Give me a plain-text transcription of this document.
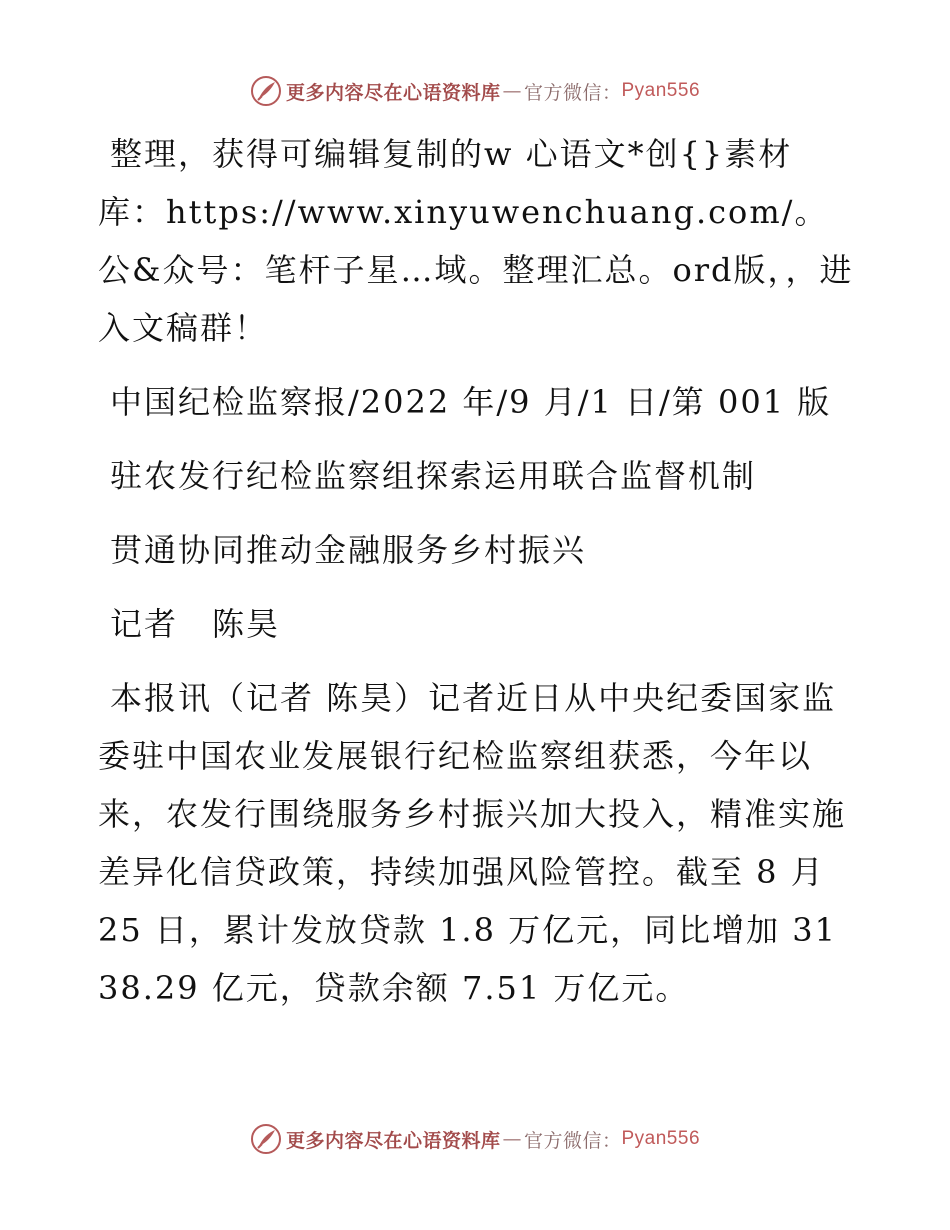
更多内容尽在心语资料库 — 官方微信： Pyan556

整理，获得可编辑复制的w 心语文*创{}素材库：https://www.xinyuwenchuang.com/。公&众号：笔杆子星…域。整理汇总。ord版，，进入文稿群！

中国纪检监察报/2022 年/9 月/1 日/第 001 版

驻农发行纪检监察组探索运用联合监督机制

贯通协同推动金融服务乡村振兴

记者　陈昊

本报讯（记者 陈昊）记者近日从中央纪委国家监委驻中国农业发展银行纪检监察组获悉，今年以来，农发行围绕服务乡村振兴加大投入，精准实施差异化信贷政策，持续加强风险管控。截至 8 月 25 日，累计发放贷款 1.8 万亿元，同比增加 3138.29 亿元，贷款余额 7.51 万亿元。

更多内容尽在心语资料库 — 官方微信： Pyan556
